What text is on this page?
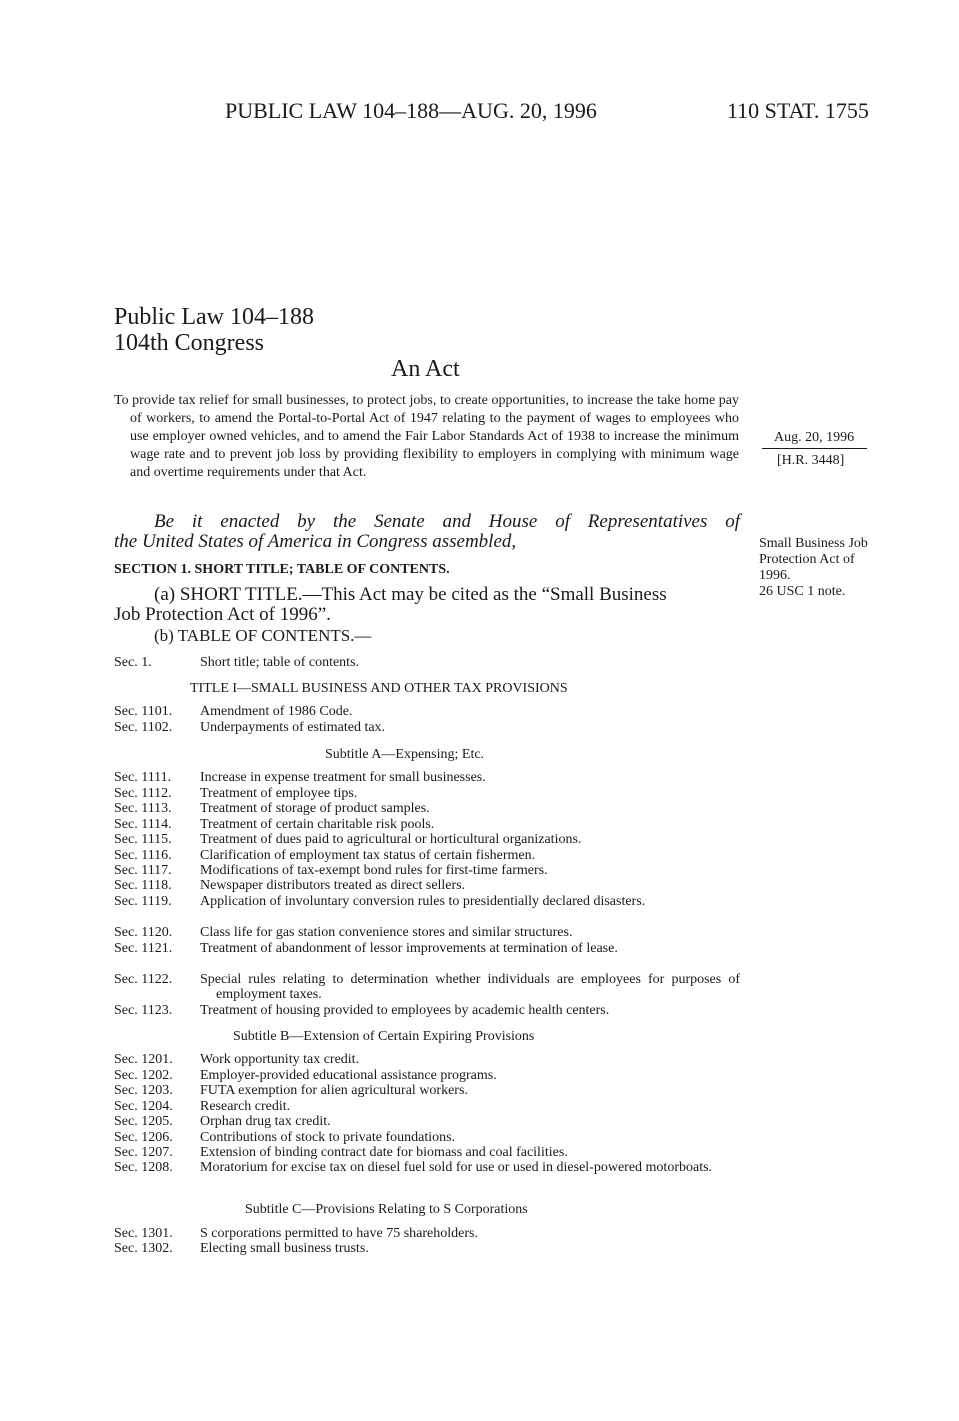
PUBLIC LAW 104–188—AUG. 20, 1996	110 STAT. 1755
Public Law 104–188
104th Congress
An Act
To provide tax relief for small businesses, to protect jobs, to create opportunities, to increase the take home pay of workers, to amend the Portal-to-Portal Act of 1947 relating to the payment of wages to employees who use employer owned vehicles, and to amend the Fair Labor Standards Act of 1938 to increase the minimum wage rate and to prevent job loss by providing flexibility to employers in complying with minimum wage and overtime requirements under that Act.
Aug. 20, 1996
[H.R. 3448]
Small Business Job Protection Act of 1996.
26 USC 1 note.
Be it enacted by the Senate and House of Representatives of
the United States of America in Congress assembled,
SECTION 1. SHORT TITLE; TABLE OF CONTENTS.
(a) SHORT TITLE.—This Act may be cited as the “Small Business
Job Protection Act of 1996”.
(b) TABLE OF CONTENTS.—
Sec. 1.	Short title; table of contents.
TITLE I—SMALL BUSINESS AND OTHER TAX PROVISIONS
Sec. 1101. Amendment of 1986 Code.
Sec. 1102. Underpayments of estimated tax.
Subtitle A—Expensing; Etc.
Sec. 1111. Increase in expense treatment for small businesses.
Sec. 1112. Treatment of employee tips.
Sec. 1113. Treatment of storage of product samples.
Sec. 1114. Treatment of certain charitable risk pools.
Sec. 1115. Treatment of dues paid to agricultural or horticultural organizations.
Sec. 1116. Clarification of employment tax status of certain fishermen.
Sec. 1117. Modifications of tax-exempt bond rules for first-time farmers.
Sec. 1118. Newspaper distributors treated as direct sellers.
Sec. 1119. Application of involuntary conversion rules to presidentially declared disasters.
Sec. 1120. Class life for gas station convenience stores and similar structures.
Sec. 1121. Treatment of abandonment of lessor improvements at termination of lease.
Sec. 1122. Special rules relating to determination whether individuals are employees for purposes of employment taxes.
Sec. 1123. Treatment of housing provided to employees by academic health centers.
Subtitle B—Extension of Certain Expiring Provisions
Sec. 1201. Work opportunity tax credit.
Sec. 1202. Employer-provided educational assistance programs.
Sec. 1203. FUTA exemption for alien agricultural workers.
Sec. 1204. Research credit.
Sec. 1205. Orphan drug tax credit.
Sec. 1206. Contributions of stock to private foundations.
Sec. 1207. Extension of binding contract date for biomass and coal facilities.
Sec. 1208. Moratorium for excise tax on diesel fuel sold for use or used in diesel-powered motorboats.
Subtitle C—Provisions Relating to S Corporations
Sec. 1301. S corporations permitted to have 75 shareholders.
Sec. 1302. Electing small business trusts.
